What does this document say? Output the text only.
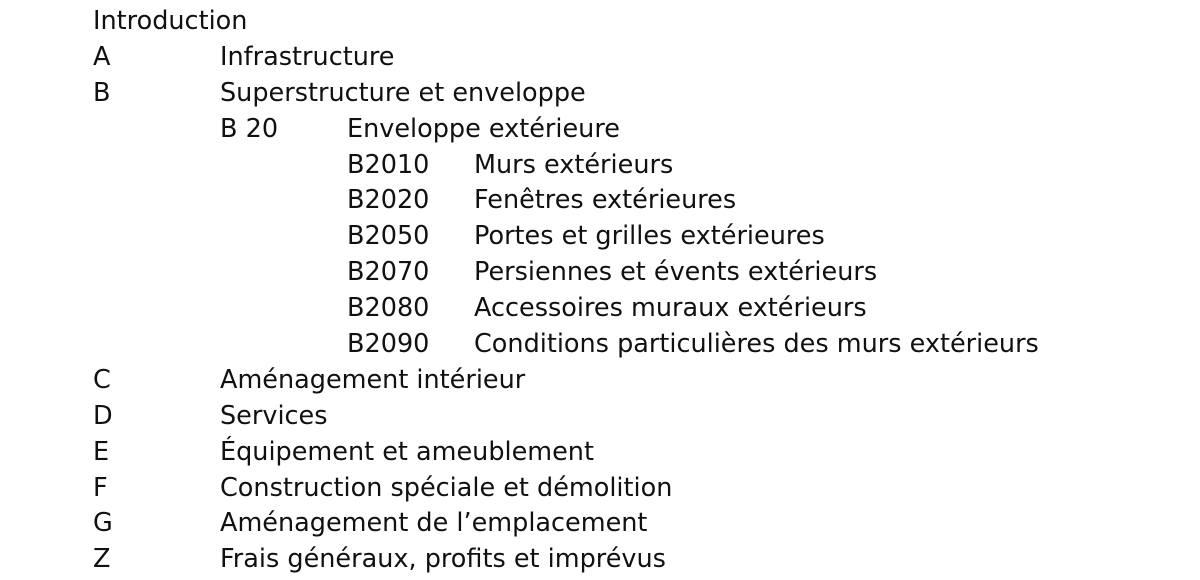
Introduction
A	Infrastructure
B	Superstructure et enveloppe
B 20	Enveloppe extérieure
B2010 Murs extérieurs
B2020 Fenêtres extérieures
B2050 Portes et grilles extérieures
B2070 Persiennes et évents extérieurs
B2080 Accessoires muraux extérieurs
B2090 Conditions particulières des murs extérieurs
C	Aménagement intérieur
D	Services
E	Équipement et ameublement
F	Construction spéciale et démolition
G	Aménagement de l’emplacement
Z	Frais généraux, profits et imprévus
